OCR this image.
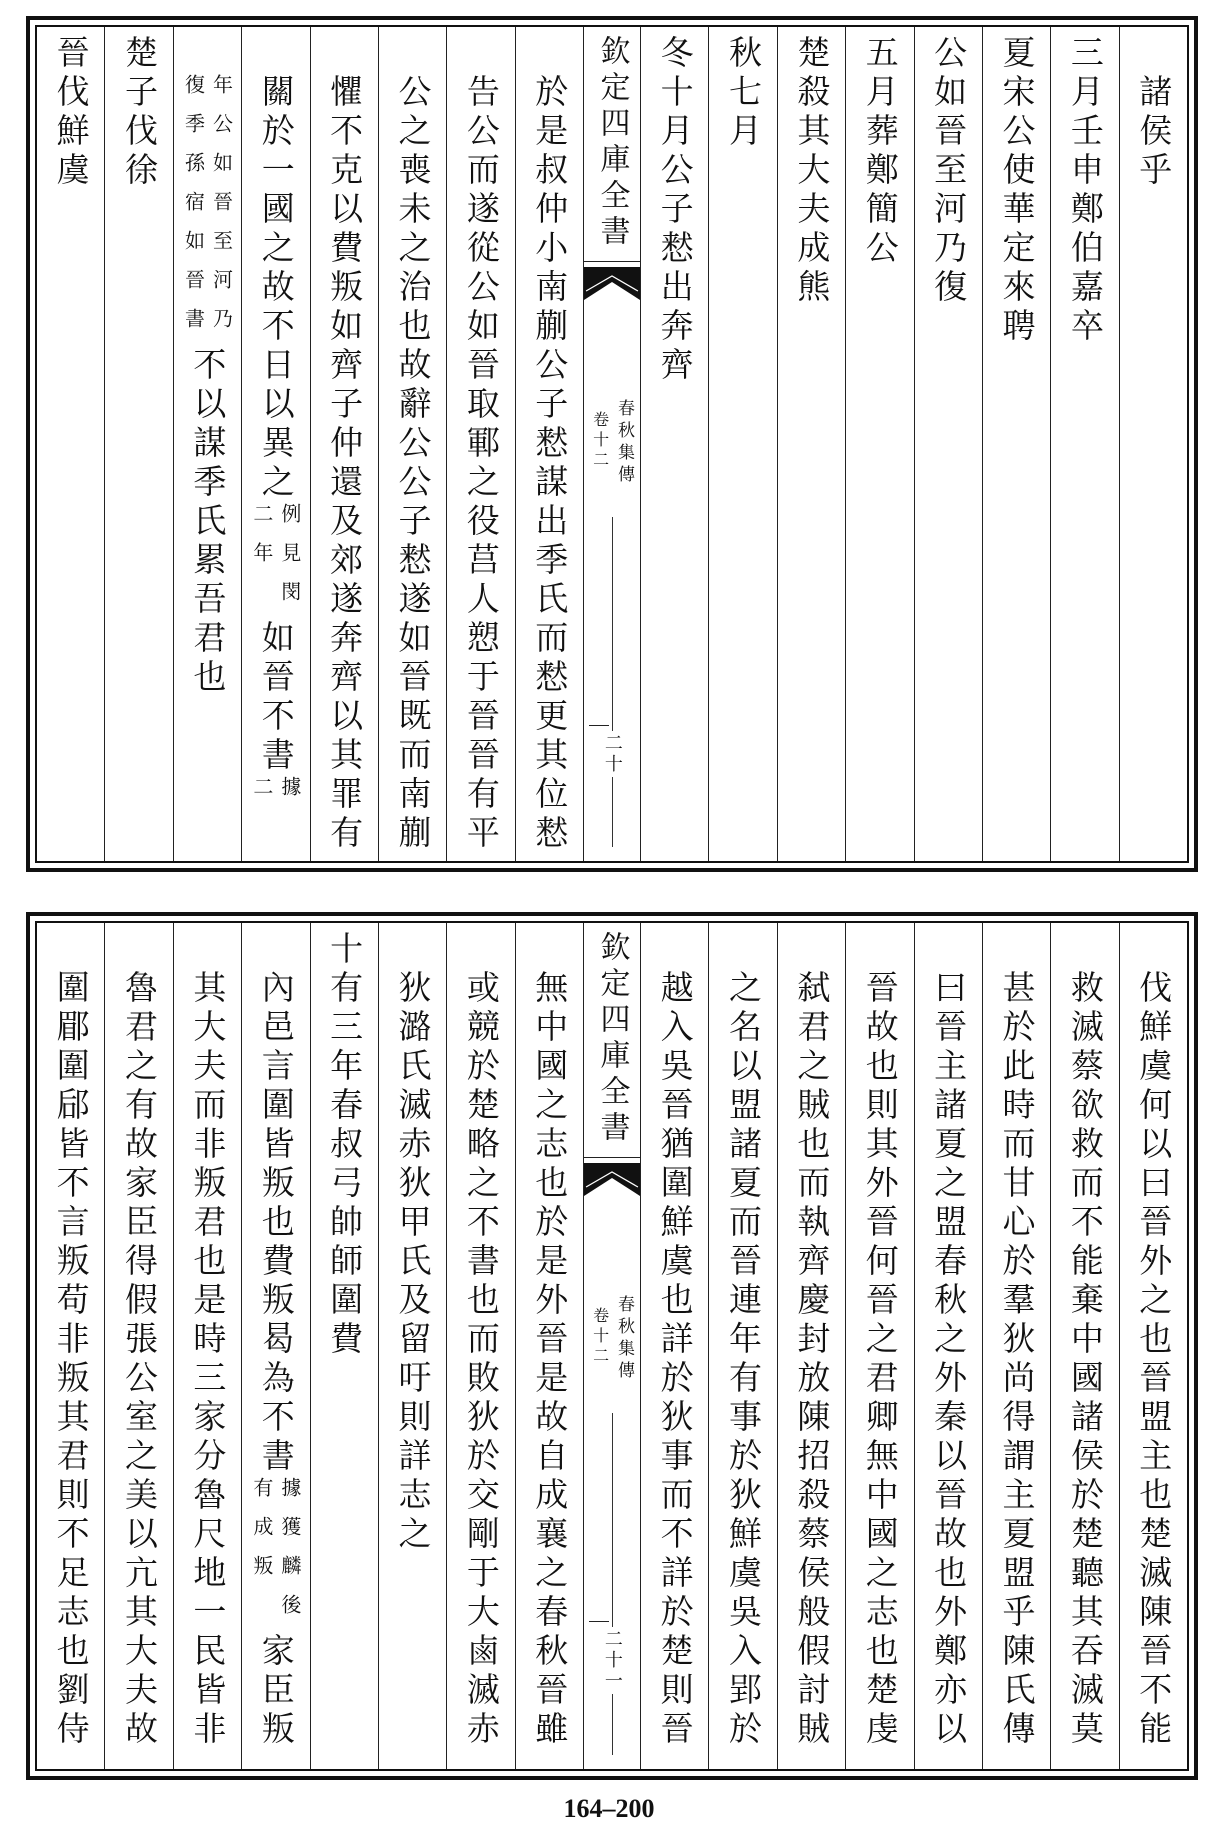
諸侯乎
三月壬申鄭伯嘉卒
夏宋公使華定來聘
公如晉至河乃復
五月葬鄭簡公
楚殺其大夫成熊
秋七月
冬十月公子慭出奔齊
欽定四庫全書
春秋集傳
卷十二
二十
於是叔仲小南蒯公子慭謀出季氏而慭更其位慭
告公而遂從公如晉取鄆之役莒人愬于晉晉有平
公之喪未之治也故辭公公子慭遂如晉既而南蒯
懼不克以費叛如齊子仲還及郊遂奔齊以其罪有
關於一國之故不日以異之
例見閔
二年
如晉不書
據
二
年公如晉至河乃
復季孫宿如晉書
不以謀季氏累吾君也
楚子伐徐
晉伐鮮虞
伐鮮虞何以曰晉外之也晉盟主也楚滅陳晉不能
救滅蔡欲救而不能棄中國諸侯於楚聽其吞滅莫
甚於此時而甘心於羣狄尚得謂主夏盟乎陳氏傳
曰晉主諸夏之盟春秋之外秦以晉故也外鄭亦以
晉故也則其外晉何晉之君卿無中國之志也楚虔
弑君之賊也而執齊慶封放陳招殺蔡侯般假討賊
之名以盟諸夏而晉連年有事於狄鮮虞吳入郢於
越入吳晉猶圍鮮虞也詳於狄事而不詳於楚則晉
欽定四庫全書
春秋集傳
卷十二
二十一
無中國之志也於是外晉是故自成襄之春秋晉雖
或競於楚略之不書也而敗狄於交剛于大鹵滅赤
狄潞氏滅赤狄甲氏及留吁則詳志之
十有三年春叔弓帥師圍費
內邑言圍皆叛也費叛曷為不書
據獲麟後
有成叛
家臣叛
其大夫而非叛君也是時三家分魯尺地一民皆非
魯君之有故家臣得假張公室之美以亢其大夫故
圍郿圍郈皆不言叛苟非叛其君則不足志也劉侍
164–200
